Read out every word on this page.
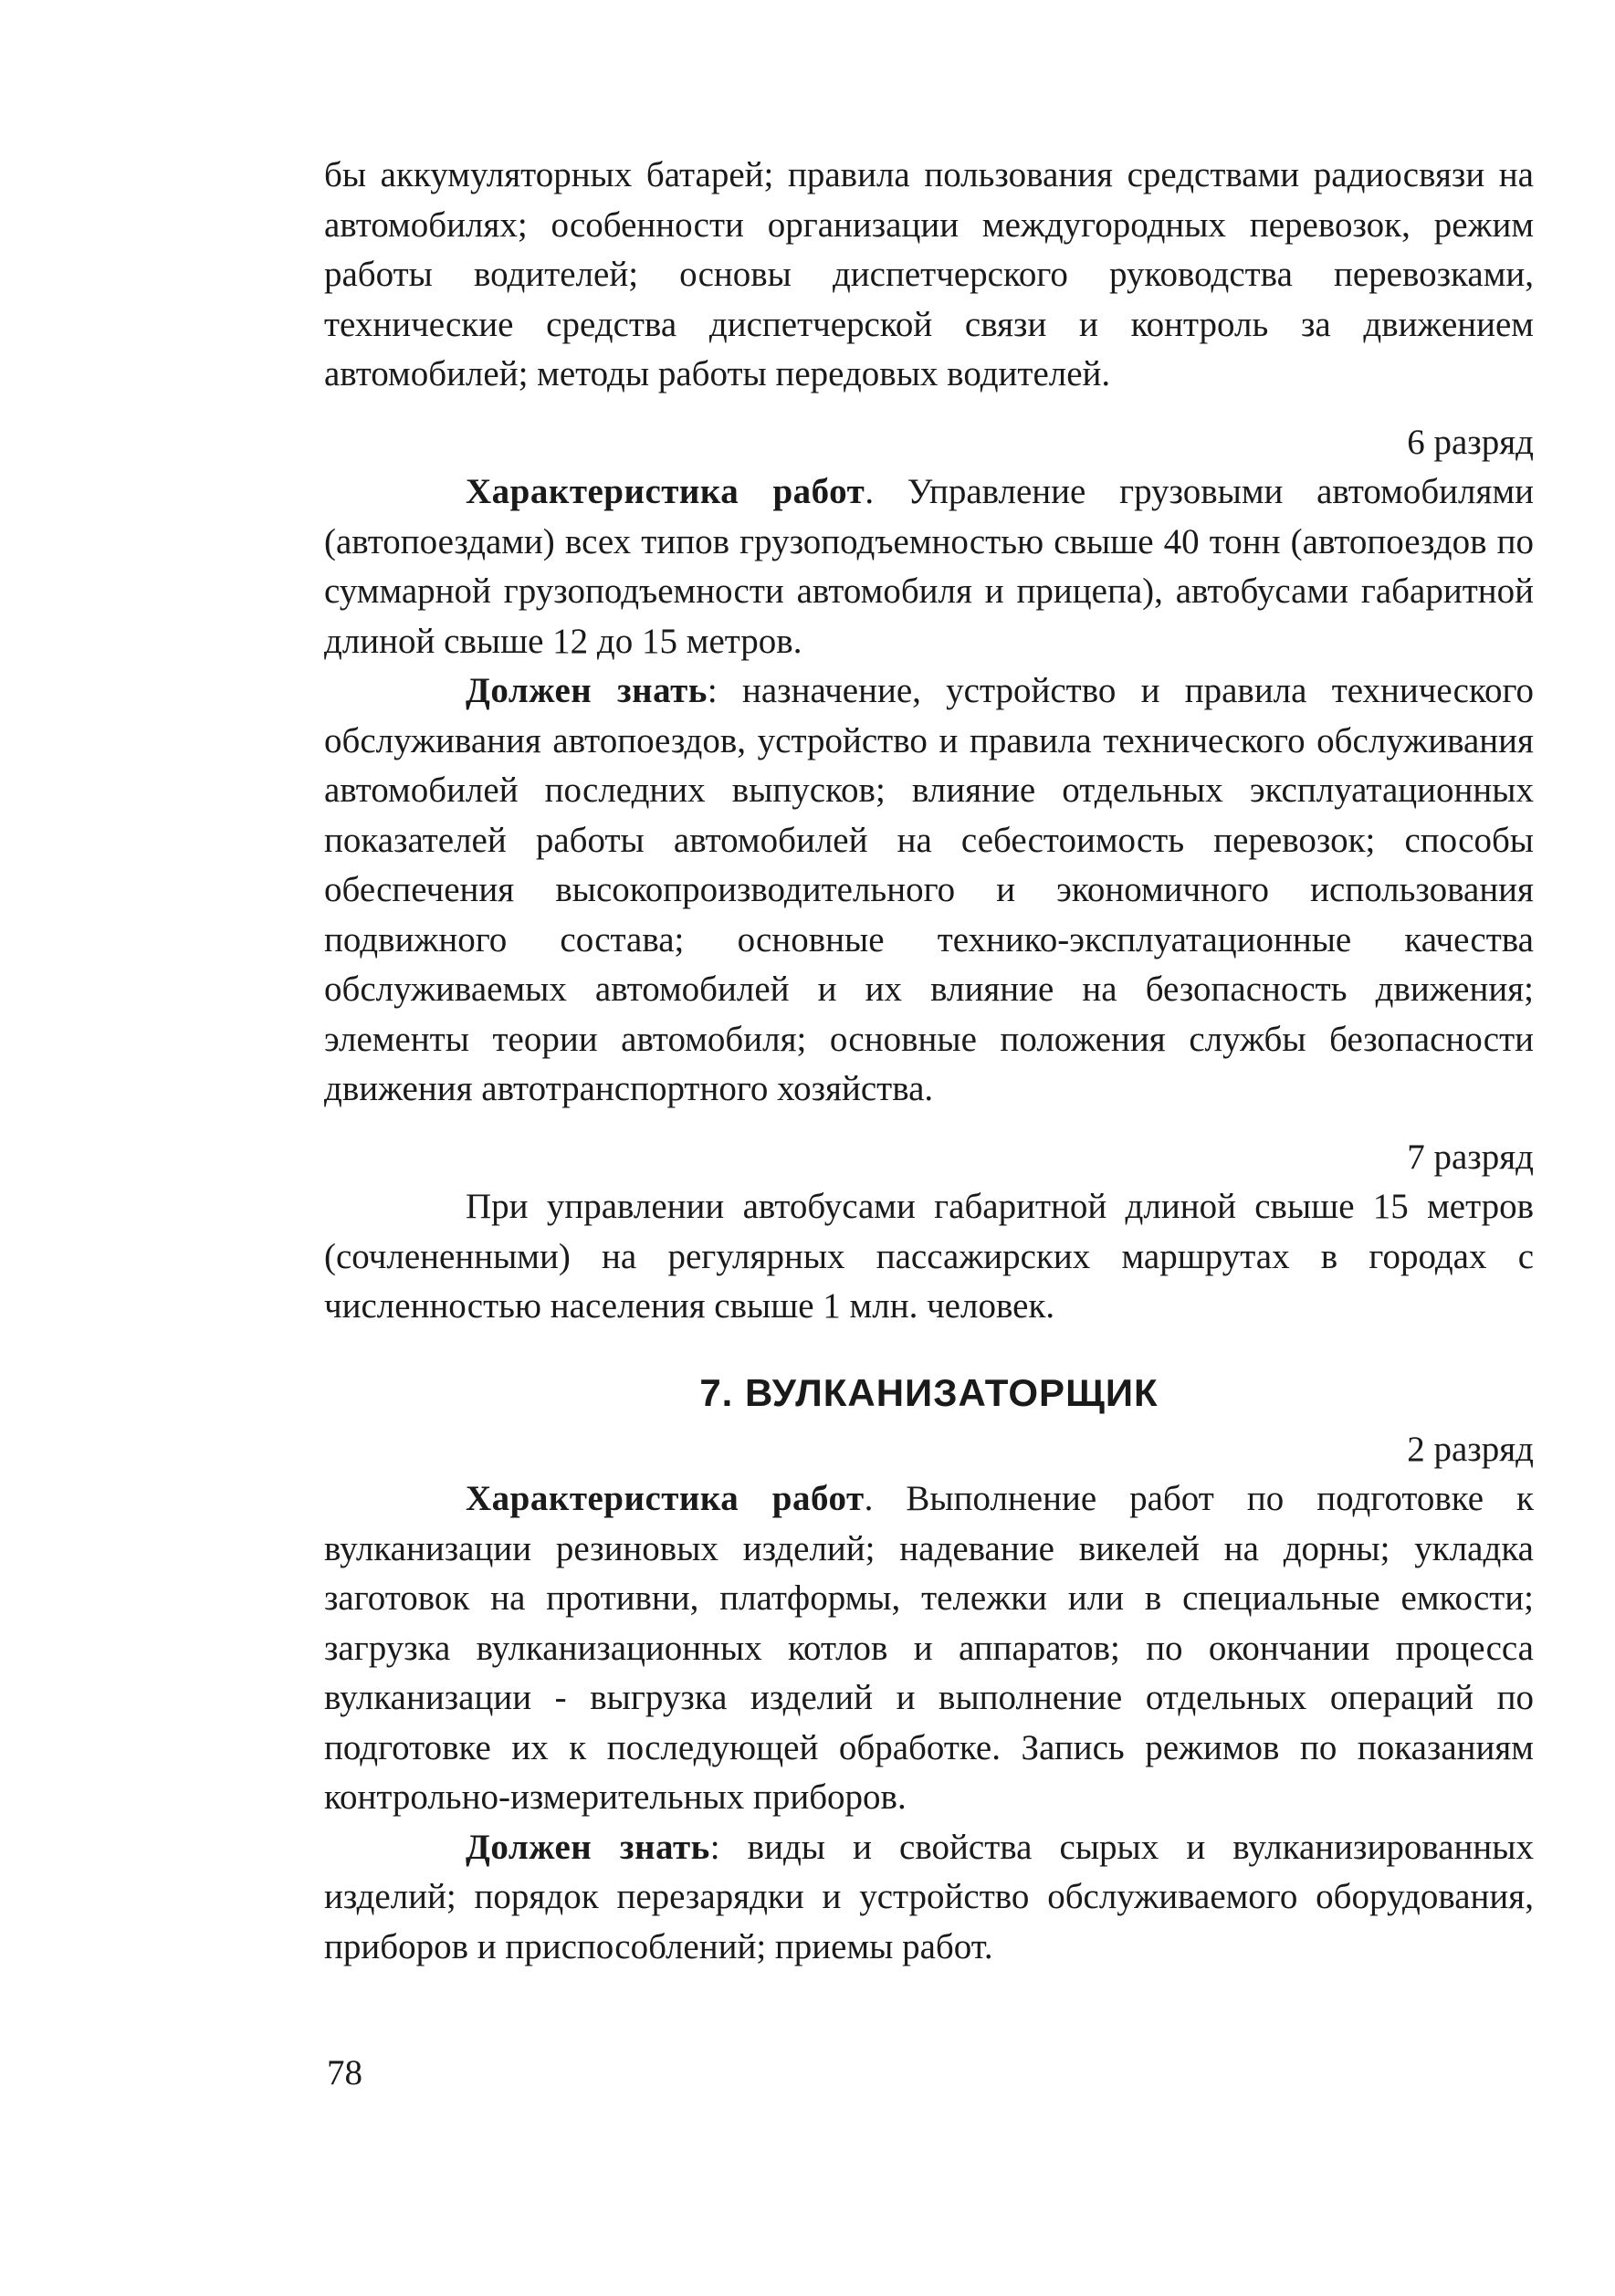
бы аккумуляторных батарей; правила пользования средствами радиосвязи на автомобилях; особенности организации междугородных перевозок, режим работы водителей; основы диспетчерского руководства перевозками, технические средства диспетчерской связи и контроль за движением автомобилей; методы работы передовых водителей.

6 разряд

Характеристика работ. Управление грузовыми автомобилями (автопоездами) всех типов грузоподъемностью свыше 40 тонн (автопоездов по суммарной грузоподъемности автомобиля и прицепа), автобусами габаритной длиной свыше 12 до 15 метров.

Должен знать: назначение, устройство и правила технического обслуживания автопоездов, устройство и правила технического обслуживания автомобилей последних выпусков; влияние отдельных эксплуатационных показателей работы автомобилей на себестоимость перевозок; способы обеспечения высокопроизводительного и экономичного использования подвижного состава; основные технико-эксплуатационные качества обслуживаемых автомобилей и их влияние на безопасность движения; элементы теории автомобиля; основные положения службы безопасности движения автотранспортного хозяйства.

7 разряд

При управлении автобусами габаритной длиной свыше 15 метров (сочлененными) на регулярных пассажирских маршрутах в городах с численностью населения свыше 1 млн. человек.

7. ВУЛКАНИЗАТОРЩИК

2 разряд

Характеристика работ. Выполнение работ по подготовке к вулканизации резиновых изделий; надевание викелей на дорны; укладка заготовок на противни, платформы, тележки или в специальные емкости; загрузка вулканизационных котлов и аппаратов; по окончании процесса вулканизации - выгрузка изделий и выполнение отдельных операций по подготовке их к последующей обработке. Запись режимов по показаниям контрольно-измерительных приборов.

Должен знать: виды и свойства сырых и вулканизированных изделий; порядок перезарядки и устройство обслуживаемого оборудования, приборов и приспособлений; приемы работ.

78
